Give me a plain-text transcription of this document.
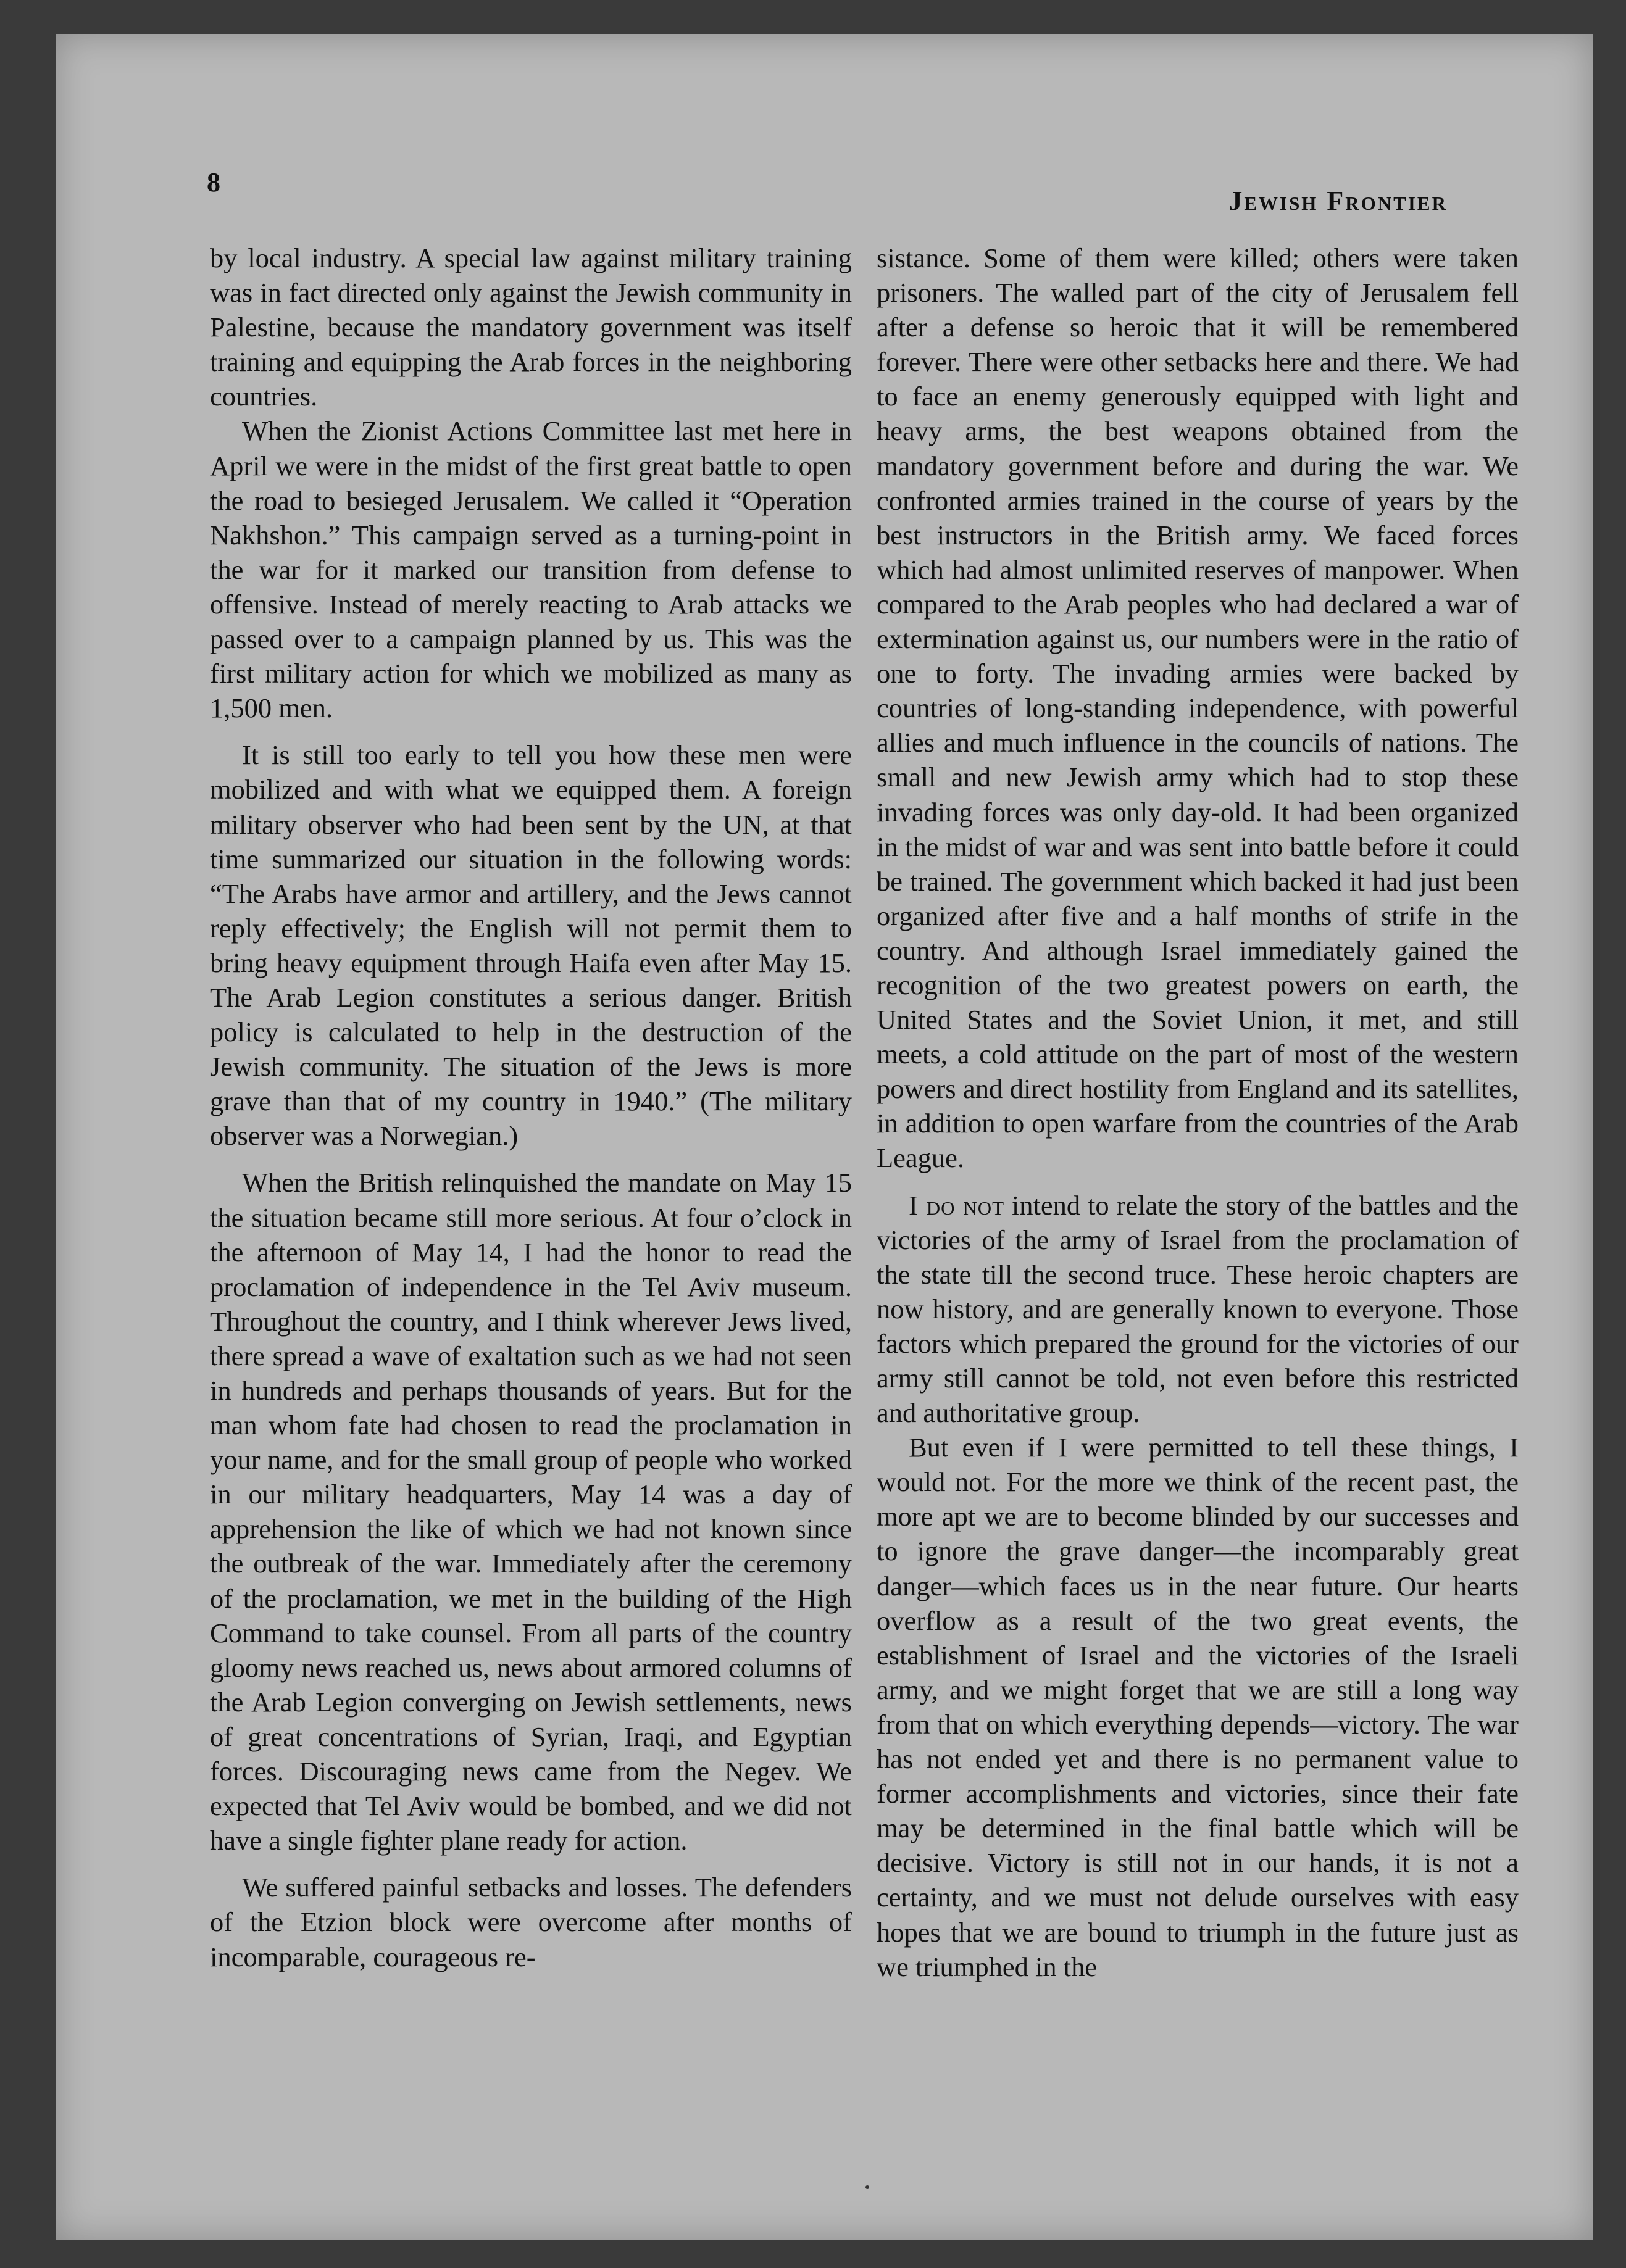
8
Jewish Frontier

by local industry. A special law against military training was in fact directed only against the Jewish community in Palestine, because the mandatory government was itself training and equipping the Arab forces in the neighboring countries.

When the Zionist Actions Committee last met here in April we were in the midst of the first great battle to open the road to besieged Jerusalem. We called it “Operation Nakhshon.” This campaign served as a turning-point in the war for it marked our transition from defense to offensive. Instead of merely reacting to Arab attacks we passed over to a campaign planned by us. This was the first military action for which we mobilized as many as 1,500 men.

It is still too early to tell you how these men were mobilized and with what we equipped them. A foreign military observer who had been sent by the UN, at that time summarized our situation in the following words: “The Arabs have armor and artillery, and the Jews cannot reply effectively; the English will not permit them to bring heavy equipment through Haifa even after May 15. The Arab Legion constitutes a serious danger. British policy is calculated to help in the destruction of the Jewish community. The situation of the Jews is more grave than that of my country in 1940.” (The military observer was a Norwegian.)

When the British relinquished the mandate on May 15 the situation became still more serious. At four o’clock in the afternoon of May 14, I had the honor to read the proclamation of independence in the Tel Aviv museum. Throughout the country, and I think wherever Jews lived, there spread a wave of exaltation such as we had not seen in hundreds and perhaps thousands of years. But for the man whom fate had chosen to read the proclamation in your name, and for the small group of people who worked in our military headquarters, May 14 was a day of apprehension the like of which we had not known since the outbreak of the war. Immediately after the ceremony of the proclamation, we met in the building of the High Command to take counsel. From all parts of the country gloomy news reached us, news about armored columns of the Arab Legion converging on Jewish settlements, news of great concentrations of Syrian, Iraqi, and Egyptian forces. Discouraging news came from the Negev. We expected that Tel Aviv would be bombed, and we did not have a single fighter plane ready for action.

We suffered painful setbacks and losses. The defenders of the Etzion block were overcome after months of incomparable, courageous re-

sistance. Some of them were killed; others were taken prisoners. The walled part of the city of Jerusalem fell after a defense so heroic that it will be remembered forever. There were other setbacks here and there. We had to face an enemy generously equipped with light and heavy arms, the best weapons obtained from the mandatory government before and during the war. We confronted armies trained in the course of years by the best instructors in the British army. We faced forces which had almost unlimited reserves of manpower. When compared to the Arab peoples who had declared a war of extermination against us, our numbers were in the ratio of one to forty. The invading armies were backed by countries of long-standing independence, with powerful allies and much influence in the councils of nations. The small and new Jewish army which had to stop these invading forces was only day-old. It had been organized in the midst of war and was sent into battle before it could be trained. The government which backed it had just been organized after five and a half months of strife in the country. And although Israel immediately gained the recognition of the two greatest powers on earth, the United States and the Soviet Union, it met, and still meets, a cold attitude on the part of most of the western powers and direct hostility from England and its satellites, in addition to open warfare from the countries of the Arab League.

I do not intend to relate the story of the battles and the victories of the army of Israel from the proclamation of the state till the second truce. These heroic chapters are now history, and are generally known to everyone. Those factors which prepared the ground for the victories of our army still cannot be told, not even before this restricted and authoritative group.

But even if I were permitted to tell these things, I would not. For the more we think of the recent past, the more apt we are to become blinded by our successes and to ignore the grave danger—the incomparably great danger—which faces us in the near future. Our hearts overflow as a result of the two great events, the establishment of Israel and the victories of the Israeli army, and we might forget that we are still a long way from that on which everything depends—victory. The war has not ended yet and there is no permanent value to former accomplishments and victories, since their fate may be determined in the final battle which will be decisive. Victory is still not in our hands, it is not a certainty, and we must not delude ourselves with easy hopes that we are bound to triumph in the future just as we triumphed in the
